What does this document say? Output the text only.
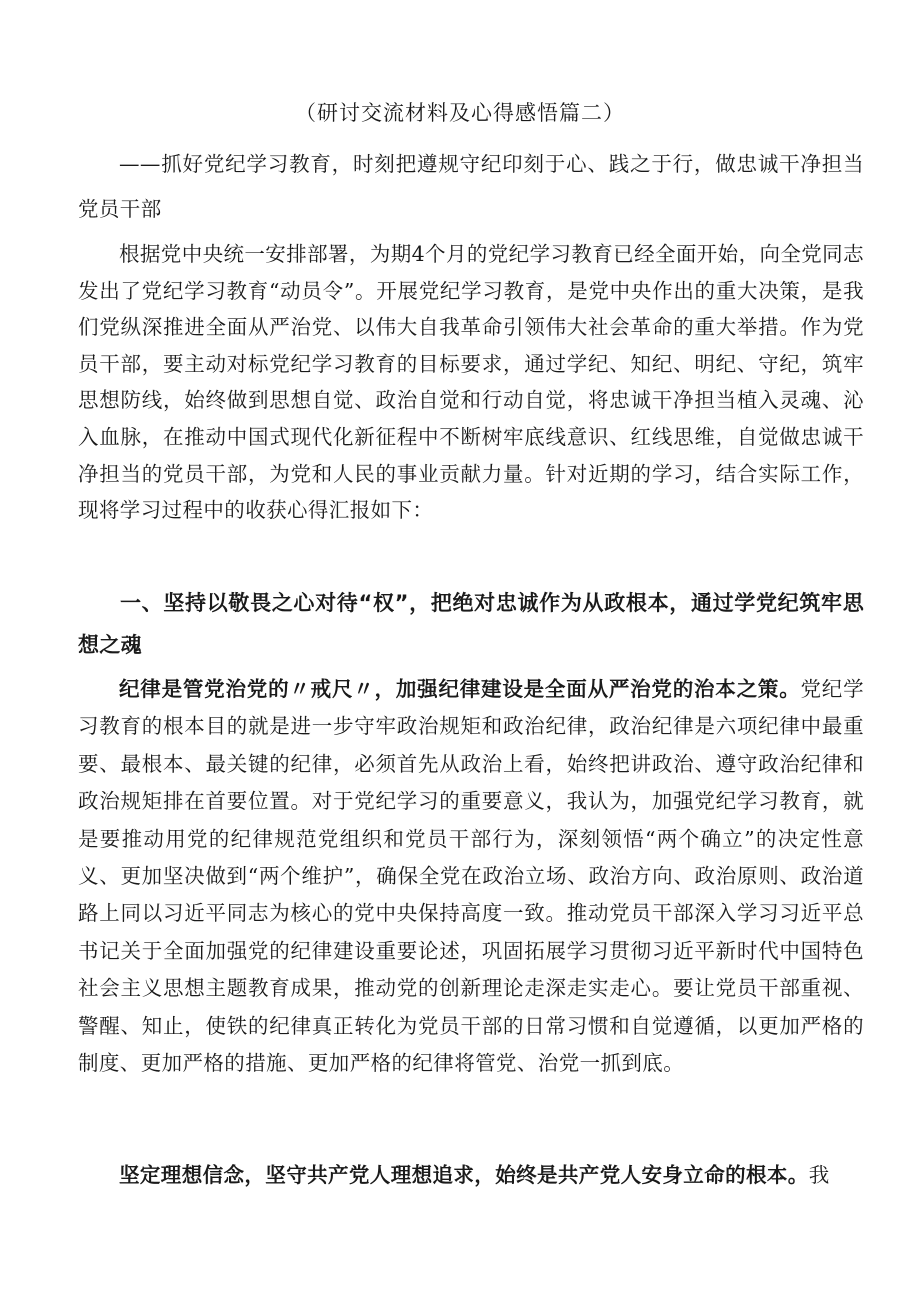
（研讨交流材料及心得感悟篇二）

——抓好党纪学习教育，时刻把遵规守纪印刻于心、践之于行，做忠诚干净担当党员干部

根据党中央统一安排部署，为期4个月的党纪学习教育已经全面开始，向全党同志发出了党纪学习教育“动员令”。开展党纪学习教育，是党中央作出的重大决策，是我们党纵深推进全面从严治党、以伟大自我革命引领伟大社会革命的重大举措。作为党员干部，要主动对标党纪学习教育的目标要求，通过学纪、知纪、明纪、守纪，筑牢思想防线，始终做到思想自觉、政治自觉和行动自觉，将忠诚干净担当植入灵魂、沁入血脉，在推动中国式现代化新征程中不断树牢底线意识、红线思维，自觉做忠诚干净担当的党员干部，为党和人民的事业贡献力量。针对近期的学习，结合实际工作，现将学习过程中的收获心得汇报如下：

一、坚持以敬畏之心对待“权”，把绝对忠诚作为从政根本，通过学党纪筑牢思想之魂

纪律是管党治党的〃戒尺〃，加强纪律建设是全面从严治党的治本之策。党纪学习教育的根本目的就是进一步守牢政治规矩和政治纪律，政治纪律是六项纪律中最重要、最根本、最关键的纪律，必须首先从政治上看，始终把讲政治、遵守政治纪律和政治规矩排在首要位置。对于党纪学习的重要意义，我认为，加强党纪学习教育，就是要推动用党的纪律规范党组织和党员干部行为，深刻领悟“两个确立”的决定性意义、更加坚决做到“两个维护”，确保全党在政治立场、政治方向、政治原则、政治道路上同以习近平同志为核心的党中央保持高度一致。推动党员干部深入学习习近平总书记关于全面加强党的纪律建设重要论述，巩固拓展学习贯彻习近平新时代中国特色社会主义思想主题教育成果，推动党的创新理论走深走实走心。要让党员干部重视、警醒、知止，使铁的纪律真正转化为党员干部的日常习惯和自觉遵循，以更加严格的制度、更加严格的措施、更加严格的纪律将管党、治党一抓到底。

坚定理想信念，坚守共产党人理想追求，始终是共产党人安身立命的根本。我
